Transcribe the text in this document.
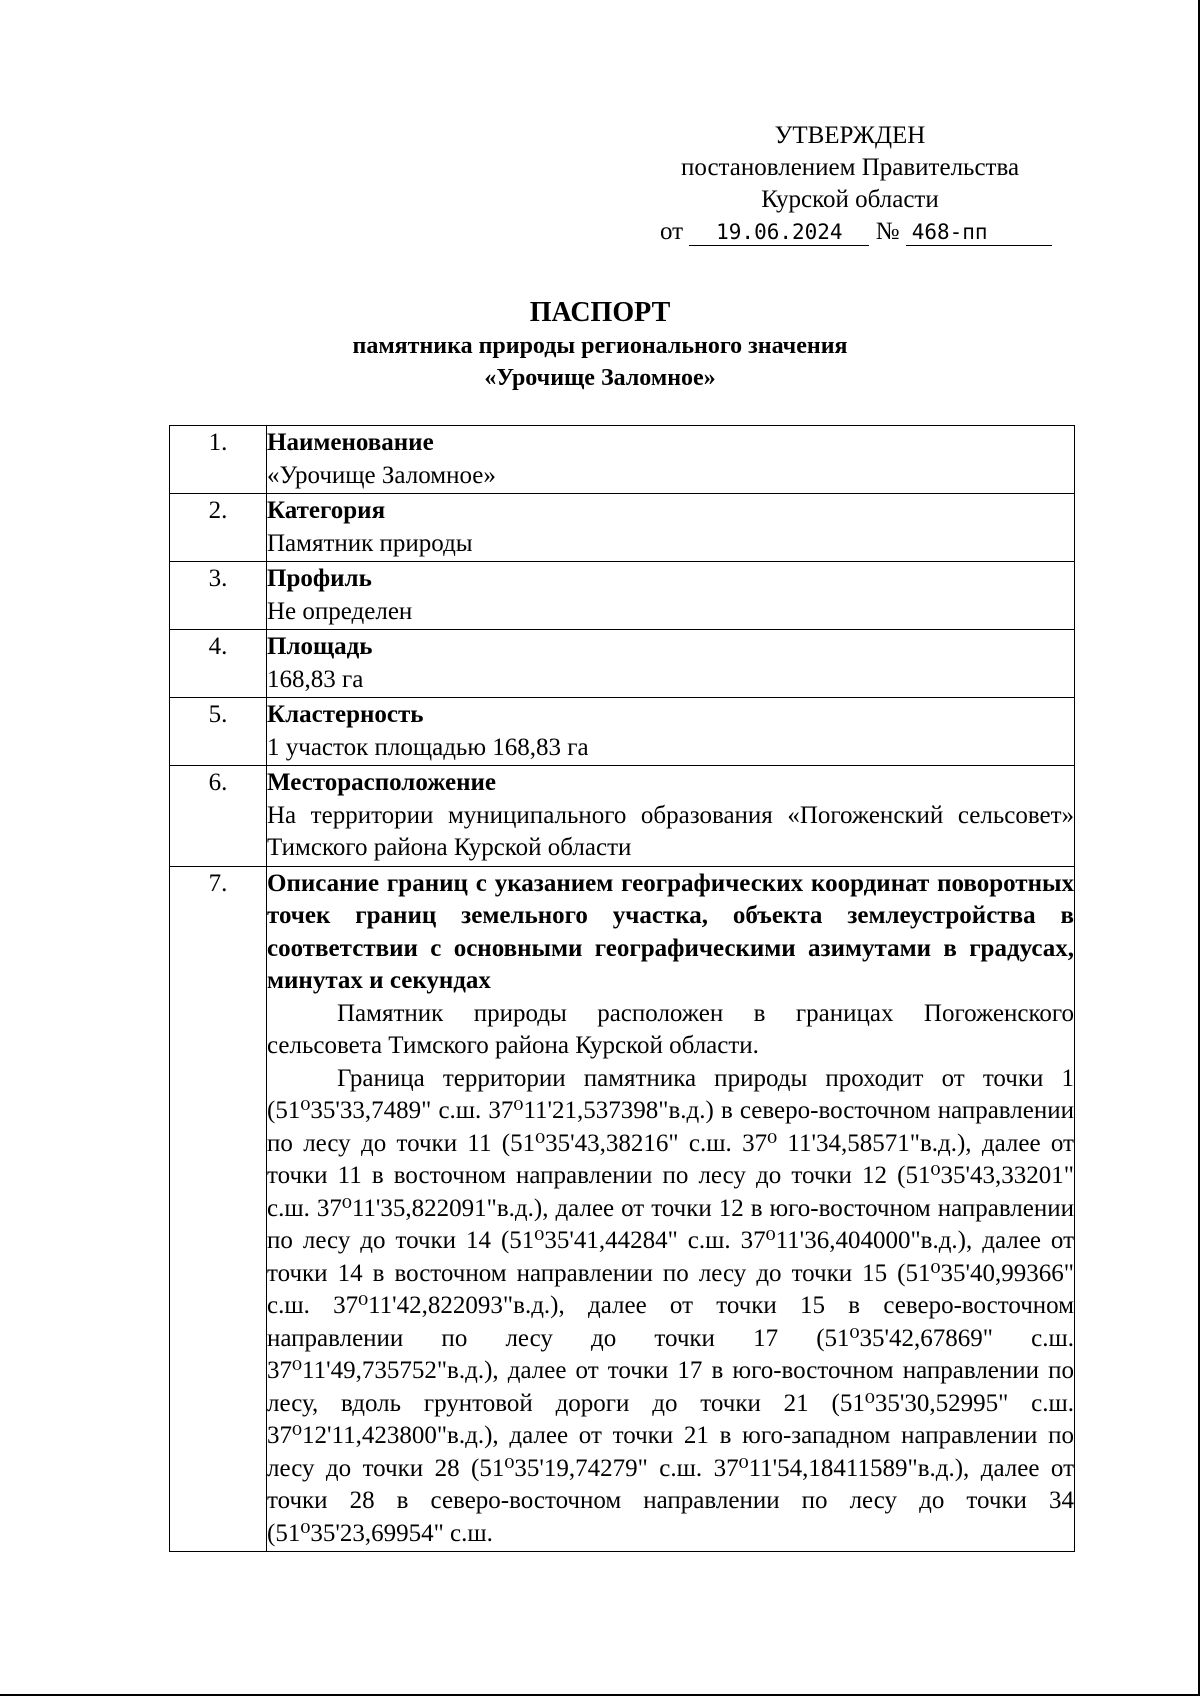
УТВЕРЖДЕН
постановлением Правительства
Курской области
от 19.06.2024 № 468-пп
ПАСПОРТ
памятника природы регионального значения
«Урочище Заломное»
1.	Наименование
«Урочище Заломное»

2.	Категория
Памятник природы

3.	Профиль
Не определен

4.	Площадь
168,83 га

5.	Кластерность
1 участок площадью 168,83 га

6.	Месторасположение
На территории муниципального образования «Погоженский сельсовет» Тимского района Курской области

7.	Описание границ с указанием географических координат поворотных точек границ земельного участка, объекта землеустройства в соответствии с основными географическими азимутами в градусах, минутах и секундах
Памятник природы расположен в границах Погоженского сельсовета Тимского района Курской области.
Граница территории памятника природы проходит от точки 1 (51⁰35'33,7489" с.ш. 37⁰11'21,537398"в.д.) в северо-восточном направлении по лесу до точки 11 (51⁰35'43,38216" с.ш. 37⁰ 11'34,58571"в.д.), далее от точки 11 в восточном направлении по лесу до точки 12 (51⁰35'43,33201" с.ш. 37⁰11'35,822091"в.д.), далее от точки 12 в юго-восточном направлении по лесу до точки 14 (51⁰35'41,44284" с.ш. 37⁰11'36,404000"в.д.), далее от точки 14 в восточном направлении по лесу до точки 15 (51⁰35'40,99366" с.ш. 37⁰11'42,822093"в.д.), далее от точки 15 в северо-восточном направлении по лесу до точки 17 (51⁰35'42,67869" с.ш. 37⁰11'49,735752"в.д.), далее от точки 17 в юго-восточном направлении по лесу, вдоль грунтовой дороги до точки 21 (51⁰35'30,52995" с.ш. 37⁰12'11,423800"в.д.), далее от точки 21 в юго-западном направлении по лесу до точки 28 (51⁰35'19,74279" с.ш. 37⁰11'54,18411589"в.д.), далее от точки 28 в северо-восточном направлении по лесу до точки 34 (51⁰35'23,69954" с.ш.
